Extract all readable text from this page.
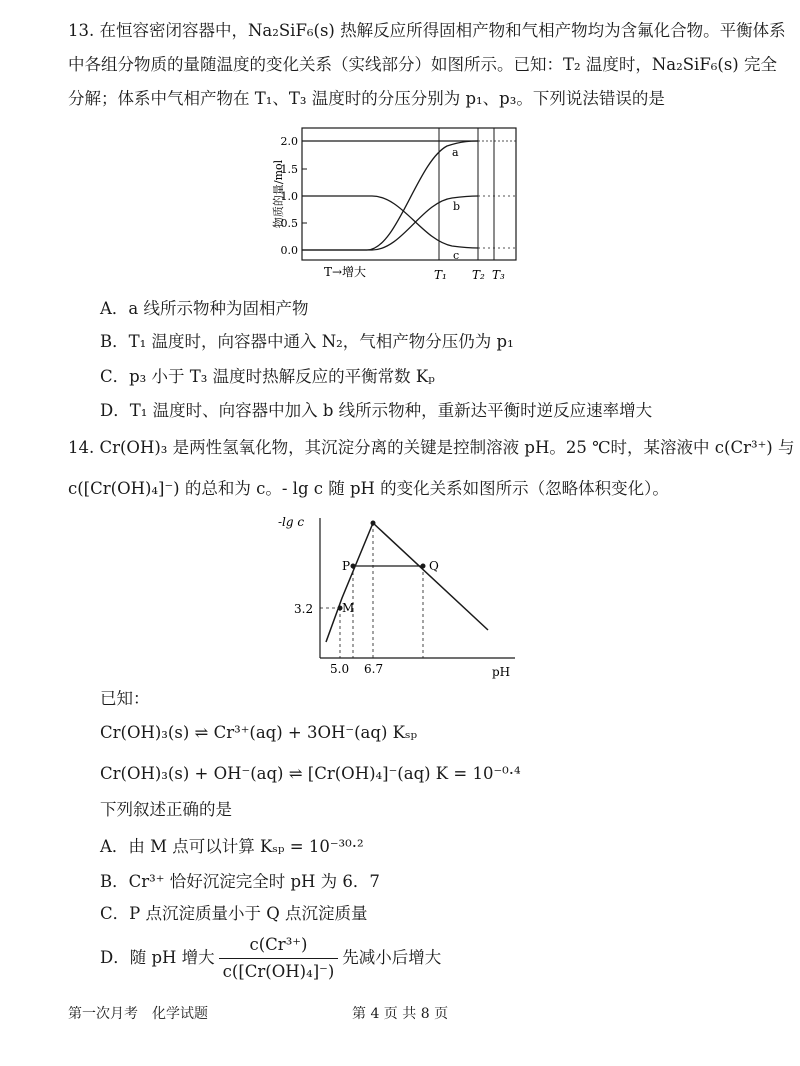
13. 在恒容密闭容器中，Na₂SiF₆(s) 热解反应所得固相产物和气相产物均为含氟化合物。平衡体系

中各组分物质的量随温度的变化关系（实线部分）如图所示。已知：T₂ 温度时，Na₂SiF₆(s) 完全

分解；体系中气相产物在 T₁、T₃ 温度时的分压分别为 p₁、p₃。下列说法错误的是

2.0
1.5
1.0
0.5
0.0
物质的量/mol
a
b
c
T→增大	T₁ T₂ T₃
A．a 线所示物种为固相产物
B．T₁ 温度时，向容器中通入 N₂，气相产物分压仍为 p₁
C．p₃ 小于 T₃ 温度时热解反应的平衡常数 Kₚ
D．T₁ 温度时、向容器中加入 b 线所示物种，重新达平衡时逆反应速率增大

14. Cr(OH)₃ 是两性氢氧化物，其沉淀分离的关键是控制溶液 pH。25 ℃时，某溶液中 c(Cr³⁺) 与

c([Cr(OH)₄]⁻) 的总和为 c。- lg c 随 pH 的变化关系如图所示（忽略体积变化）。

-lg c
pH
P	Q
M
3.2
5.0 6.7
已知：
Cr(OH)₃(s) ⇌ Cr³⁺(aq) + 3OH⁻(aq) Kₛₚ
Cr(OH)₃(s) + OH⁻(aq) ⇌ [Cr(OH)₄]⁻(aq) K = 10⁻⁰·⁴
下列叙述正确的是
A．由 M 点可以计算 Kₛₚ = 10⁻³⁰·²
B．Cr³⁺ 恰好沉淀完全时 pH 为 6．7
C．P 点沉淀质量小于 Q 点沉淀质量
D．随 pH 增大 $\frac{\text{c(Cr³⁺)}}{\text{c([Cr(OH)₄]⁻)}}$ 先减小后增大
第一次月考　化学试题	第 4 页 共 8 页
